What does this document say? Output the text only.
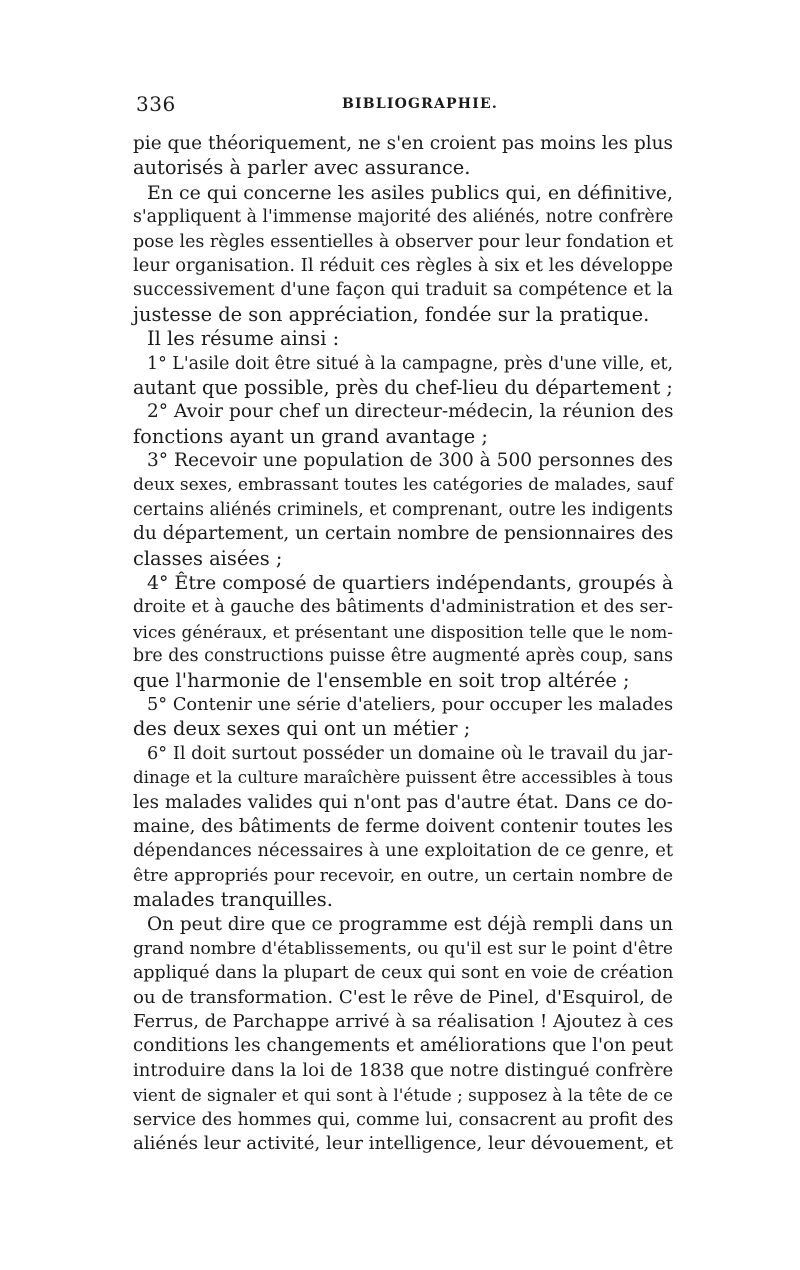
336	BIBLIOGRAPHIE.
pie que théoriquement, ne s'en croient pas moins les plus
autorisés à parler avec assurance.
En ce qui concerne les asiles publics qui, en définitive,
s'appliquent à l'immense majorité des aliénés, notre confrère
pose les règles essentielles à observer pour leur fondation et
leur organisation. Il réduit ces règles à six et les développe
successivement d'une façon qui traduit sa compétence et la
justesse de son appréciation, fondée sur la pratique.
Il les résume ainsi :
1° L'asile doit être situé à la campagne, près d'une ville, et,
autant que possible, près du chef-lieu du département ;
2° Avoir pour chef un directeur-médecin, la réunion des
fonctions ayant un grand avantage ;
3° Recevoir une population de 300 à 500 personnes des
deux sexes, embrassant toutes les catégories de malades, sauf
certains aliénés criminels, et comprenant, outre les indigents
du département, un certain nombre de pensionnaires des
classes aisées ;
4° Être composé de quartiers indépendants, groupés à
droite et à gauche des bâtiments d'administration et des ser-
vices généraux, et présentant une disposition telle que le nom-
bre des constructions puisse être augmenté après coup, sans
que l'harmonie de l'ensemble en soit trop altérée ;
5° Contenir une série d'ateliers, pour occuper les malades
des deux sexes qui ont un métier ;
6° Il doit surtout posséder un domaine où le travail du jar-
dinage et la culture maraîchère puissent être accessibles à tous
les malades valides qui n'ont pas d'autre état. Dans ce do-
maine, des bâtiments de ferme doivent contenir toutes les
dépendances nécessaires à une exploitation de ce genre, et
être appropriés pour recevoir, en outre, un certain nombre de
malades tranquilles.
On peut dire que ce programme est déjà rempli dans un
grand nombre d'établissements, ou qu'il est sur le point d'être
appliqué dans la plupart de ceux qui sont en voie de création
ou de transformation. C'est le rêve de Pinel, d'Esquirol, de
Ferrus, de Parchappe arrivé à sa réalisation ! Ajoutez à ces
conditions les changements et améliorations que l'on peut
introduire dans la loi de 1838 que notre distingué confrère
vient de signaler et qui sont à l'étude ; supposez à la tête de ce
service des hommes qui, comme lui, consacrent au profit des
aliénés leur activité, leur intelligence, leur dévouement, et
